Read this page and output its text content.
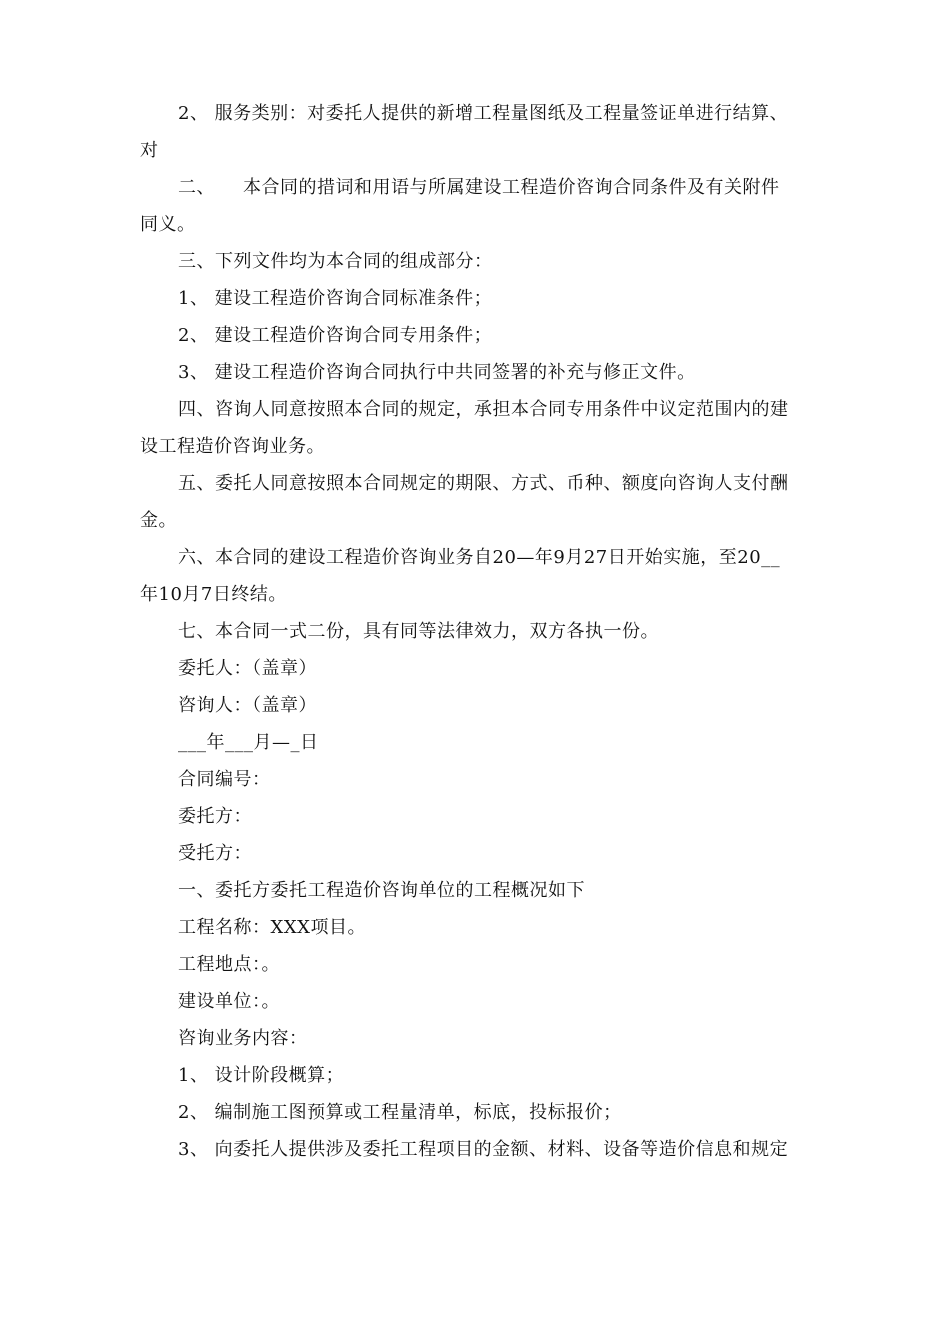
2、 服务类别：对委托人提供的新增工程量图纸及工程量签证单进行结算、
对
二、　　本合同的措词和用语与所属建设工程造价咨询合同条件及有关附件
同义。
三、下列文件均为本合同的组成部分：
1、 建设工程造价咨询合同标准条件；
2、 建设工程造价咨询合同专用条件；
3、 建设工程造价咨询合同执行中共同签署的补充与修正文件。
四、咨询人同意按照本合同的规定，承担本合同专用条件中议定范围内的建
设工程造价咨询业务。
五、委托人同意按照本合同规定的期限、方式、币种、额度向咨询人支付酬
金。
六、本合同的建设工程造价咨询业务自20—年9月27日开始实施，至20__
年10月7日终结。
七、本合同一式二份，具有同等法律效力，双方各执一份。
委托人：（盖章）
咨询人：（盖章）
___年___月—_日
合同编号：
委托方：
受托方：
一、委托方委托工程造价咨询单位的工程概况如下
工程名称：XXX项目。
工程地点：。
建设单位：。
咨询业务内容：
1、 设计阶段概算；
2、 编制施工图预算或工程量清单，标底，投标报价；
3、 向委托人提供涉及委托工程项目的金额、材料、设备等造价信息和规定
